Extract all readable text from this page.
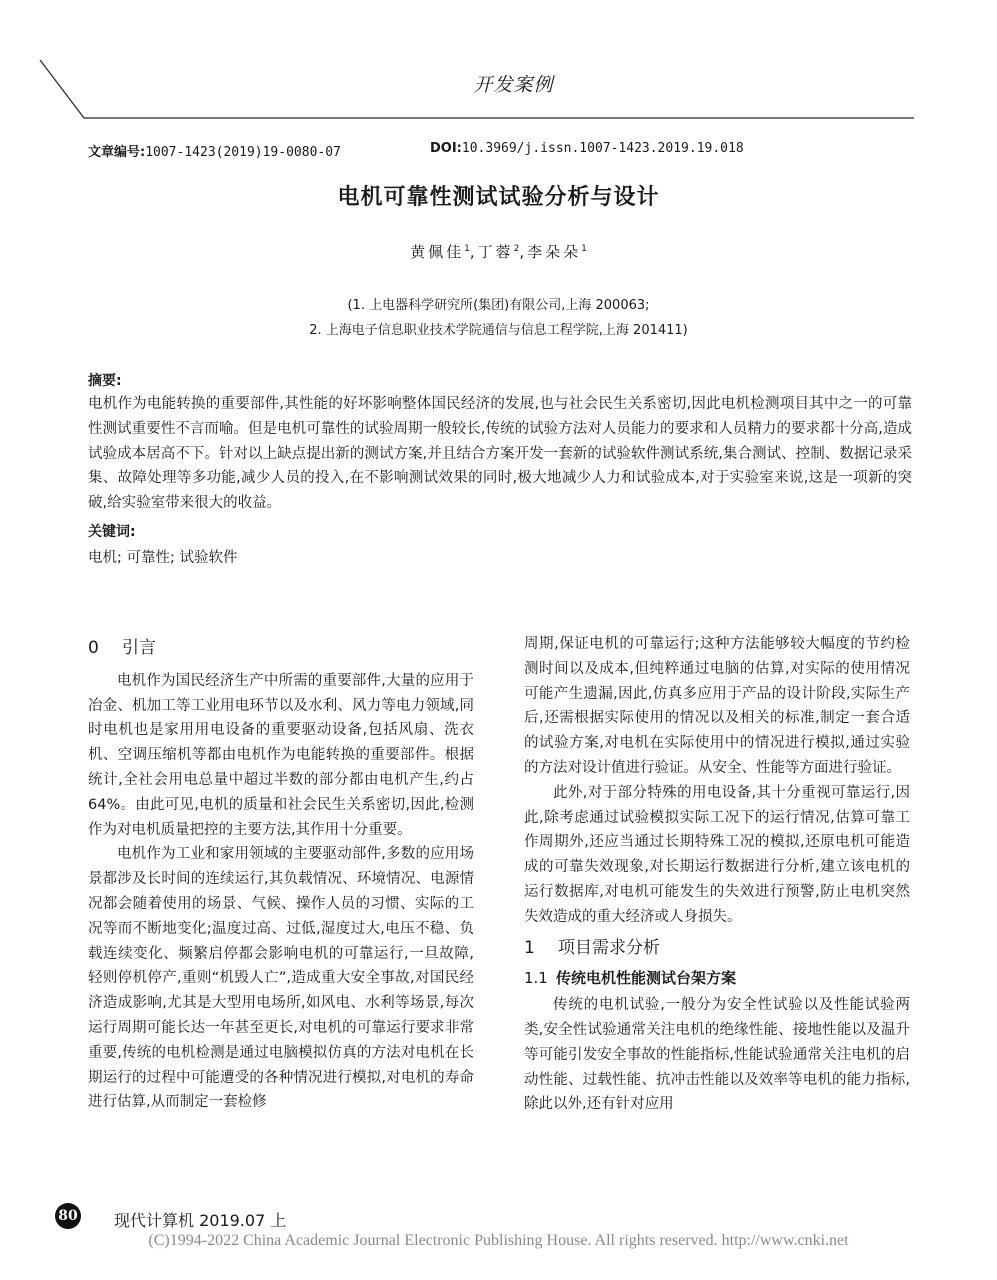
开发案例
文章编号:1007-1423(2019)19-0080-07	DOI:10.3969/j.issn.1007-1423.2019.19.018
电机可靠性测试试验分析与设计
黄佩佳$^1$,丁蓉$^2$,李朵朵$^1$
(1. 上电器科学研究所(集团)有限公司,上海 200063;
2. 上海电子信息职业技术学院通信与信息工程学院,上海 201411)
摘要:
电机作为电能转换的重要部件,其性能的好坏影响整体国民经济的发展,也与社会民生关系密切,因此电机检测项目其中之一的可靠性测试重要性不言而喻。但是电机可靠性的试验周期一般较长,传统的试验方法对人员能力的要求和人员精力的要求都十分高,造成试验成本居高不下。针对以上缺点提出新的测试方案,并且结合方案开发一套新的试验软件测试系统,集合测试、控制、数据记录采集、故障处理等多功能,减少人员的投入,在不影响测试效果的同时,极大地减少人力和试验成本,对于实验室来说,这是一项新的突破,给实验室带来很大的收益。
关键词:
电机; 可靠性; 试验软件
0 引言

电机作为国民经济生产中所需的重要部件,大量的应用于冶金、机加工等工业用电环节以及水利、风力等电力领域,同时电机也是家用用电设备的重要驱动设备,包括风扇、洗衣机、空调压缩机等都由电机作为电能转换的重要部件。根据统计,全社会用电总量中超过半数的部分都由电机产生,约占64%。由此可见,电机的质量和社会民生关系密切,因此,检测作为对电机质量把控的主要方法,其作用十分重要。

电机作为工业和家用领域的主要驱动部件,多数的应用场景都涉及长时间的连续运行,其负载情况、环境情况、电源情况都会随着使用的场景、气候、操作人员的习惯、实际的工况等而不断地变化;温度过高、过低,湿度过大,电压不稳、负载连续变化、频繁启停都会影响电机的可靠运行,一旦故障,轻则停机停产,重则“机毁人亡”,造成重大安全事故,对国民经济造成影响,尤其是大型用电场所,如风电、水利等场景,每次运行周期可能长达一年甚至更长,对电机的可靠运行要求非常重要,传统的电机检测是通过电脑模拟仿真的方法对电机在长期运行的过程中可能遭受的各种情况进行模拟,对电机的寿命进行估算,从而制定一套检修

周期,保证电机的可靠运行;这种方法能够较大幅度的节约检测时间以及成本,但纯粹通过电脑的估算,对实际的使用情况可能产生遗漏,因此,仿真多应用于产品的设计阶段,实际生产后,还需根据实际使用的情况以及相关的标准,制定一套合适的试验方案,对电机在实际使用中的情况进行模拟,通过实验的方法对设计值进行验证。从安全、性能等方面进行验证。

此外,对于部分特殊的用电设备,其十分重视可靠运行,因此,除考虑通过试验模拟实际工况下的运行情况,估算可靠工作周期外,还应当通过长期特殊工况的模拟,还原电机可能造成的可靠失效现象,对长期运行数据进行分析,建立该电机的运行数据库,对电机可能发生的失效进行预警,防止电机突然失效造成的重大经济或人身损失。

1 项目需求分析
1.1 传统电机性能测试台架方案

传统的电机试验,一般分为安全性试验以及性能试验两类,安全性试验通常关注电机的绝缘性能、接地性能以及温升等可能引发安全事故的性能指标,性能试验通常关注电机的启动性能、过载性能、抗冲击性能以及效率等电机的能力指标,除此以外,还有针对应用

80 现代计算机 2019.07 上
(C)1994-2022 China Academic Journal Electronic Publishing House. All rights reserved. http://www.cnki.net
